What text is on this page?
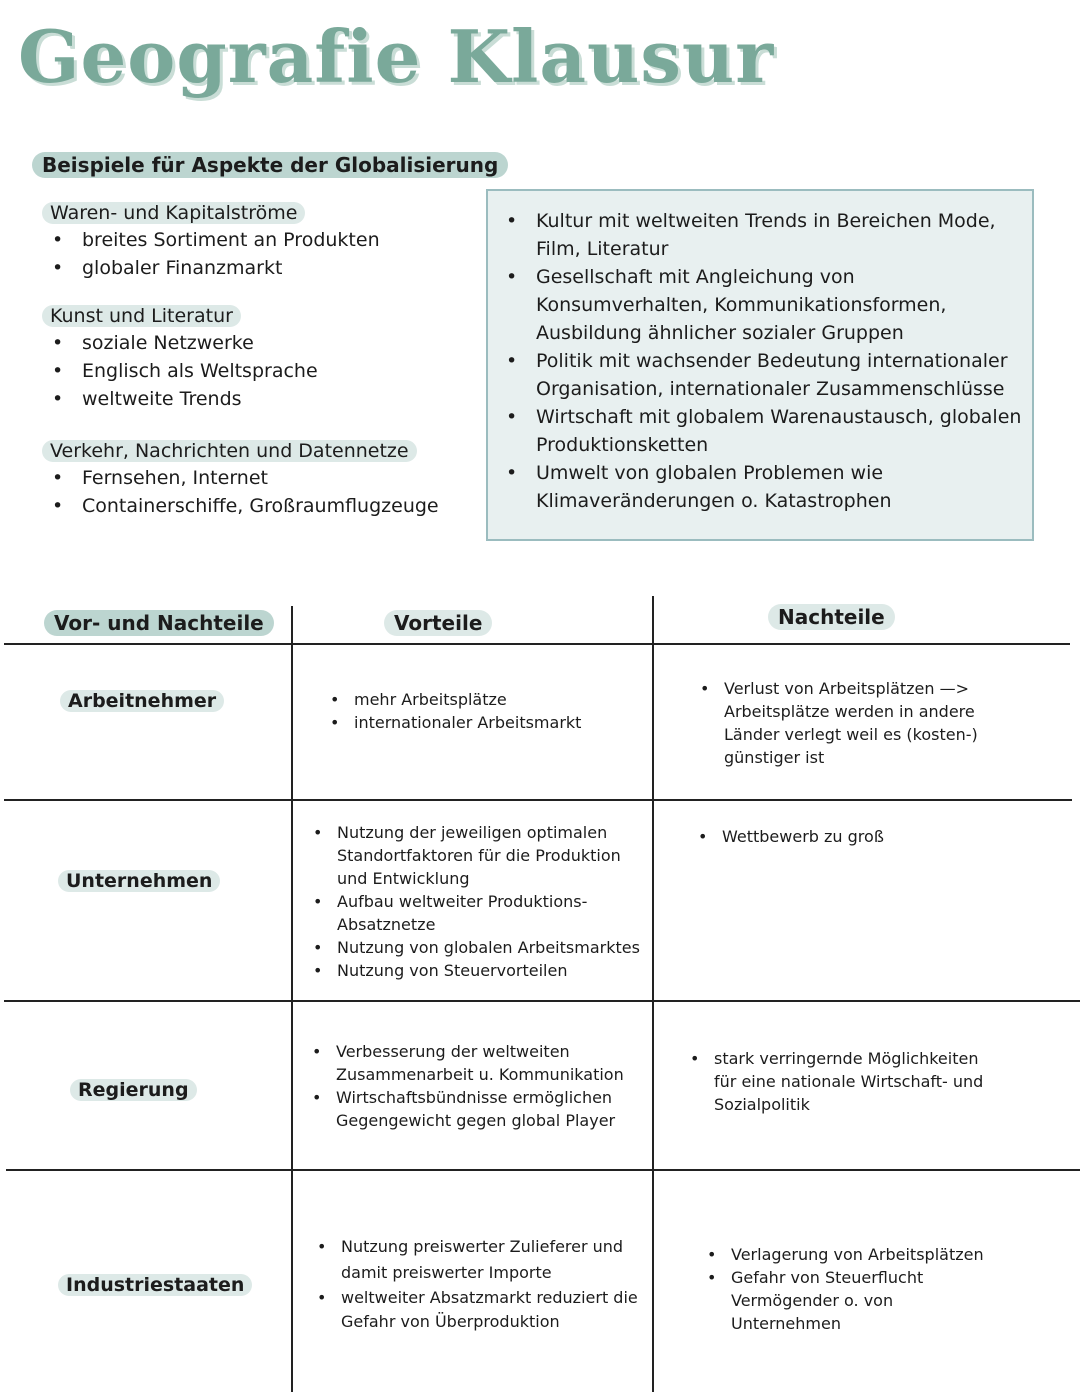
Geografie Klausur
Beispiele für Aspekte der Globalisierung
Waren- und Kapitalströme
• breites Sortiment an Produkten
• globaler Finanzmarkt
Kunst und Literatur
• soziale Netzwerke
• Englisch als Weltsprache
• weltweite Trends
Verkehr, Nachrichten und Datennetze
• Fernsehen, Internet
• Containerschiffe, Großraumflugzeuge
• Kultur mit weltweiten Trends in Bereichen Mode, Film, Literatur
• Gesellschaft mit Angleichung von Konsumverhalten, Kommunikationsformen, Ausbildung ähnlicher sozialer Gruppen
• Politik mit wachsender Bedeutung internationaler Organisation, internationaler Zusammenschlüsse
• Wirtschaft mit globalem Warenaustausch, globalen Produktionsketten
• Umwelt von globalen Problemen wie Klimaveränderungen o. Katastrophen
Vor- und Nachteile	Vorteile	Nachteile
Arbeitnehmer
•	mehr Arbeitsplätze
• internationaler Arbeitsmarkt
• Verlust von Arbeitsplätzen —> Arbeitsplätze werden in andere Länder verlegt weil es (kosten-) günstiger ist
Unternehmen
• Nutzung der jeweiligen optimalen Standortfaktoren für die Produktion und Entwicklung
• Aufbau weltweiter Produktions- Absatznetze
• Nutzung von globalen Arbeitsmarktes
• Nutzung von Steuervorteilen
• Wettbewerb zu groß
Regierung
• Verbesserung der weltweiten Zusammenarbeit u. Kommunikation
• Wirtschaftsbündnisse ermöglichen Gegengewicht gegen global Player
• stark verringernde Möglichkeiten für eine nationale Wirtschaft- und Sozialpolitik
Industriestaaten
• Nutzung preiswerter Zulieferer und damit preiswerter Importe
• weltweiter Absatzmarkt reduziert die Gefahr von Überproduktion
• Verlagerung von Arbeitsplätzen
• Gefahr von Steuerflucht Vermögender o. von Unternehmen
